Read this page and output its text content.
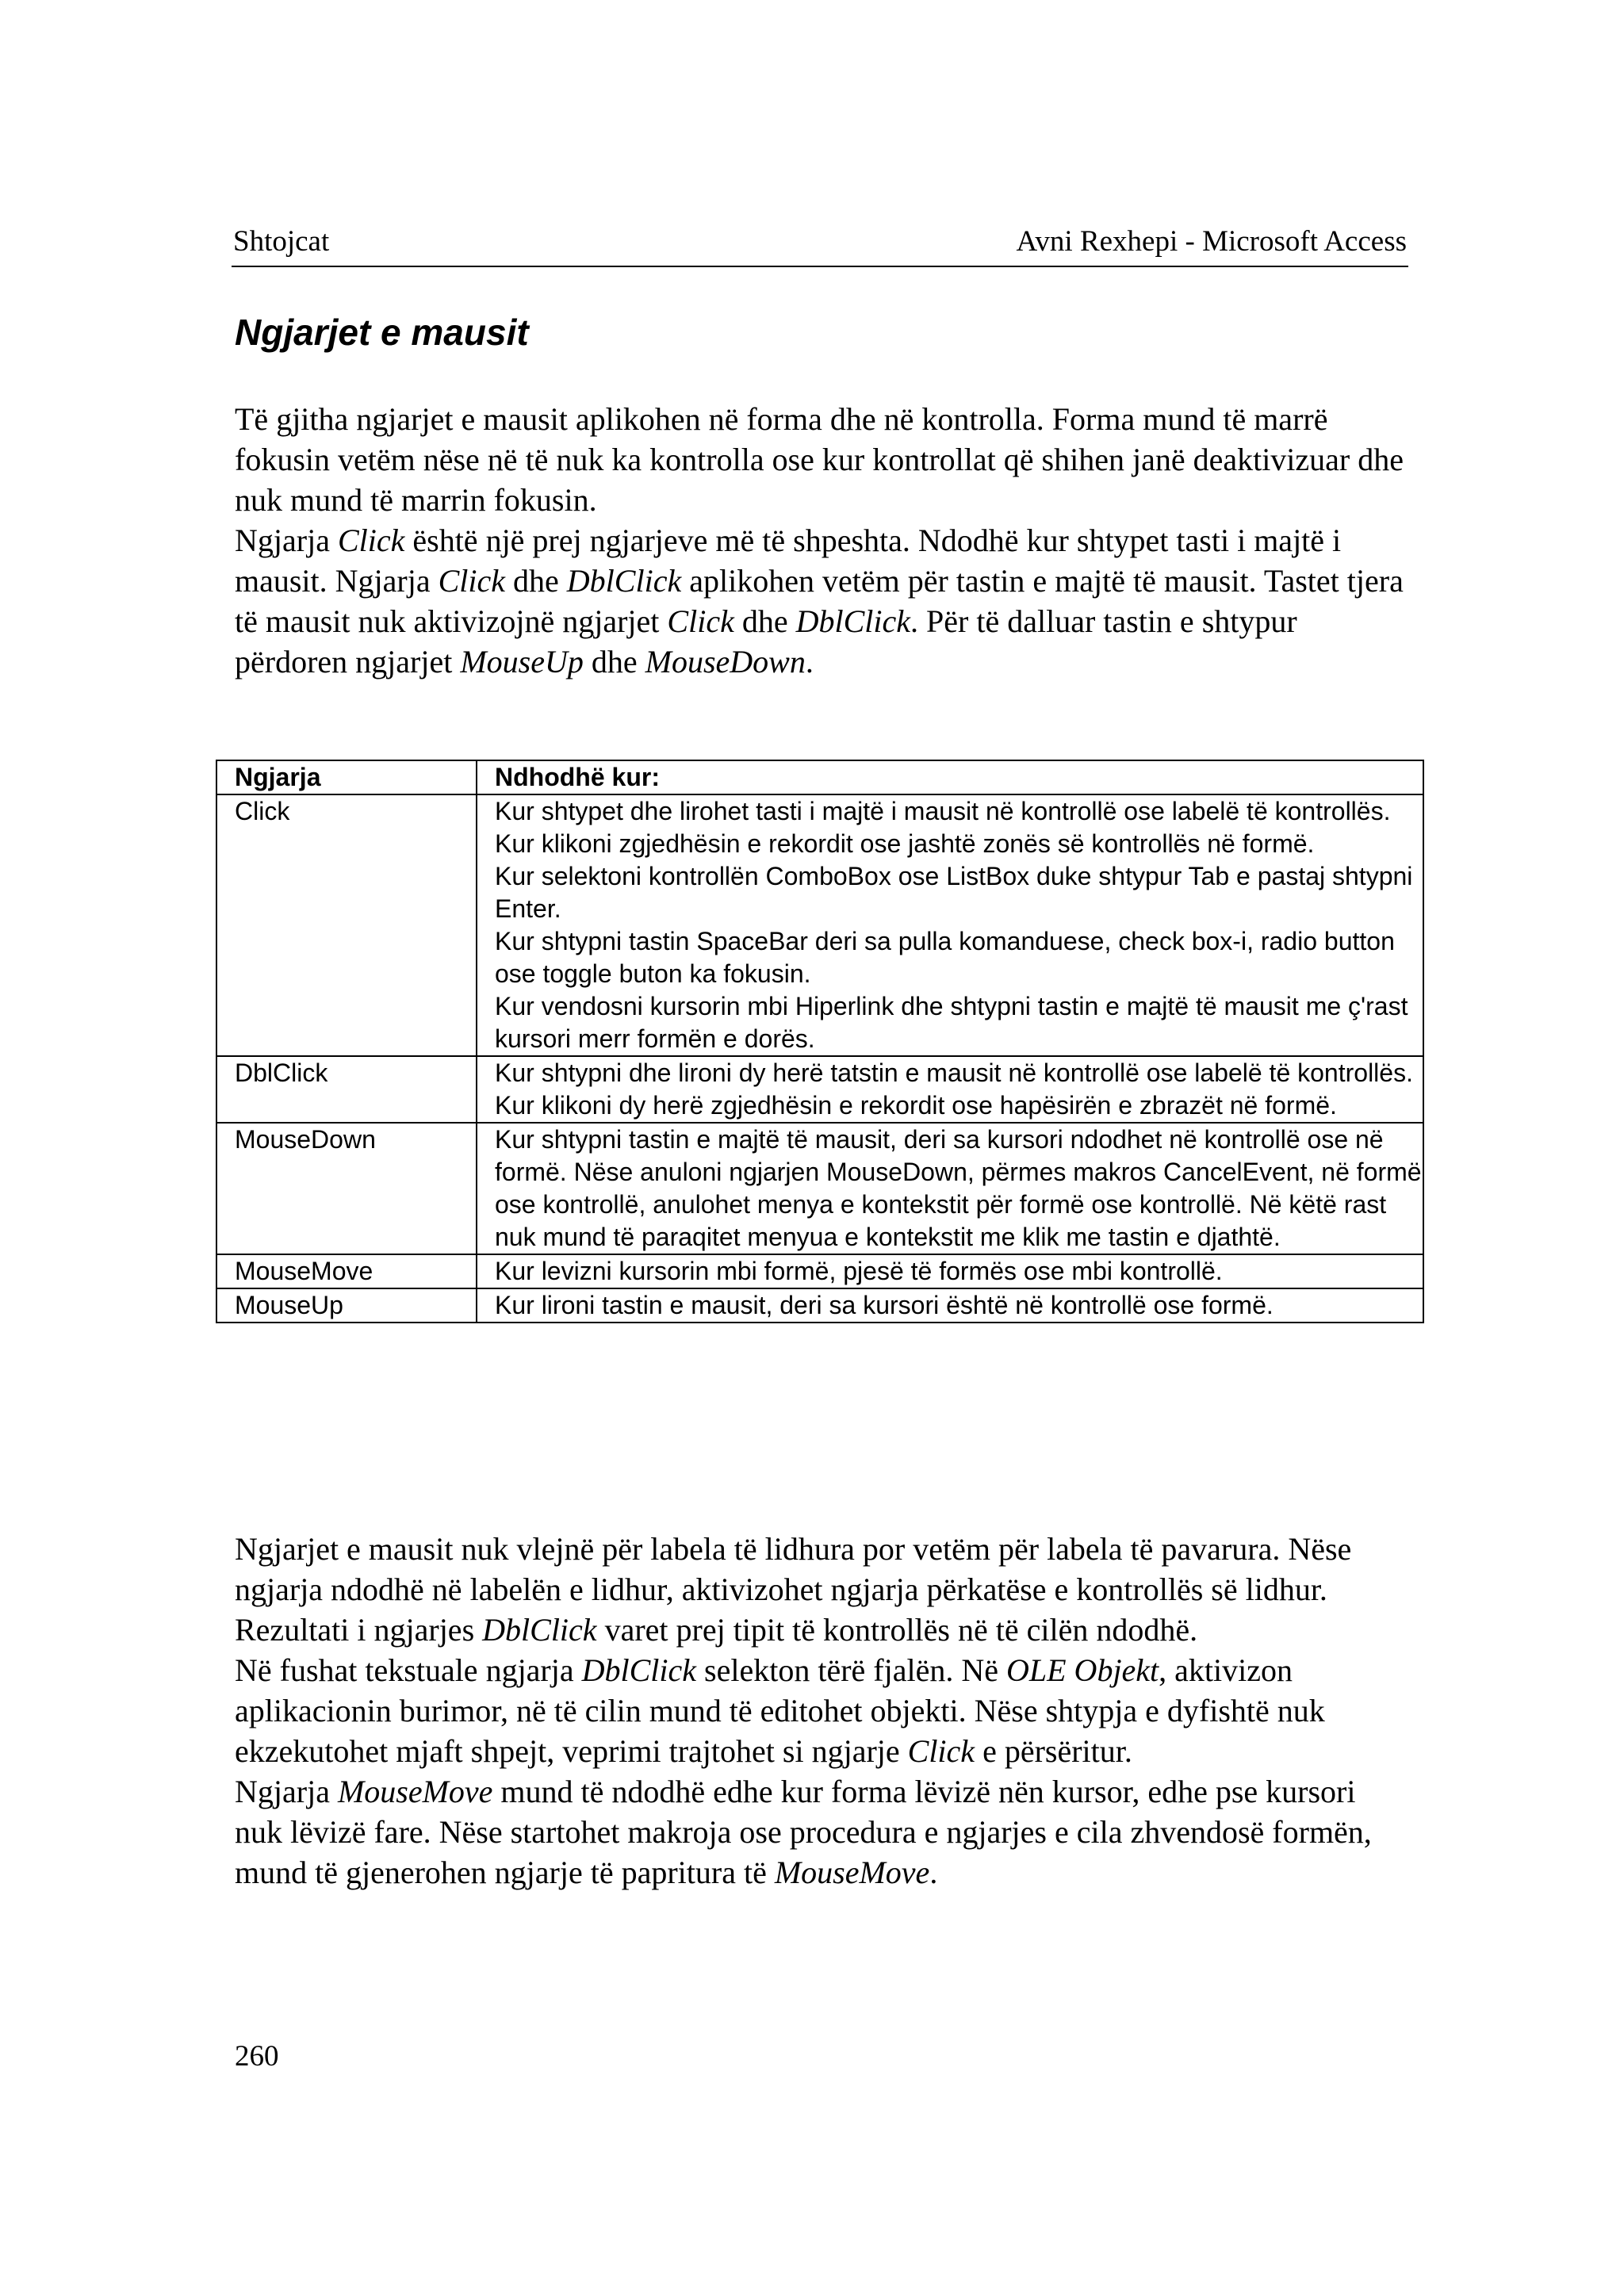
Shtojcat	Avni Rexhepi - Microsoft Access
Ngjarjet e mausit

Të gjitha ngjarjet e mausit aplikohen në forma dhe në kontrolla. Forma mund të marrë fokusin vetëm nëse në të nuk ka kontrolla ose kur kontrollat që shihen janë deaktivizuar dhe nuk mund të marrin fokusin.

Ngjarja Click është një prej ngjarjeve më të shpeshta. Ndodhë kur shtypet tasti i majtë i mausit. Ngjarja Click dhe DblClick aplikohen vetëm për tastin e majtë të mausit. Tastet tjera të mausit nuk aktivizojnë ngjarjet Click dhe DblClick. Për të dalluar tastin e shtypur përdoren ngjarjet MouseUp dhe MouseDown.

Ngjarja	Ndhodhë kur:
Click	Kur shtypet dhe lirohet tasti i majtë i mausit në kontrollë ose labelë të kontrollës.
Kur klikoni zgjedhësin e rekordit ose jashtë zonës së kontrollës në formë.
Kur selektoni kontrollën ComboBox ose ListBox duke shtypur Tab e pastaj shtypni Enter.
Kur shtypni tastin SpaceBar deri sa pulla komanduese, check box-i, radio button ose toggle buton ka fokusin.
Kur vendosni kursorin mbi Hiperlink dhe shtypni tastin e majtë të mausit me ç'rast kursori merr formën e dorës.

DblClick	Kur shtypni dhe lironi dy herë tatstin e mausit në kontrollë ose labelë të kontrollës.
Kur klikoni dy herë zgjedhësin e rekordit ose hapësirën e zbrazët në formë.

MouseDown	Kur shtypni tastin e majtë të mausit, deri sa kursori ndodhet në kontrollë ose në formë. Nëse anuloni ngjarjen MouseDown, përmes makros CancelEvent, në formë ose kontrollë, anulohet menya e kontekstit për formë ose kontrollë. Në këtë rast nuk mund të paraqitet menyua e kontekstit me klik me tastin e djathtë.

MouseMove	Kur levizni kursorin mbi formë, pjesë të formës ose mbi kontrollë.

MouseUp	Kur lironi tastin e mausit, deri sa kursori është në kontrollë ose formë.

Ngjarjet e mausit nuk vlejnë për labela të lidhura por vetëm për labela të pavarura. Nëse ngjarja ndodhë në labelën e lidhur, aktivizohet ngjarja përkatëse e kontrollës së lidhur.

Rezultati i ngjarjes DblClick varet prej tipit të kontrollës në të cilën ndodhë.

Në fushat tekstuale ngjarja DblClick selekton tërë fjalën. Në OLE Objekt, aktivizon aplikacionin burimor, në të cilin mund të editohet objekti. Nëse shtypja e dyfishtë nuk ekzekutohet mjaft shpejt, veprimi trajtohet si ngjarje Click e përsëritur.

Ngjarja MouseMove mund të ndodhë edhe kur forma lëvizë nën kursor, edhe pse kursori nuk lëvizë fare. Nëse startohet makroja ose procedura e ngjarjes e cila zhvendosë formën, mund të gjenerohen ngjarje të papritura të MouseMove.

260
